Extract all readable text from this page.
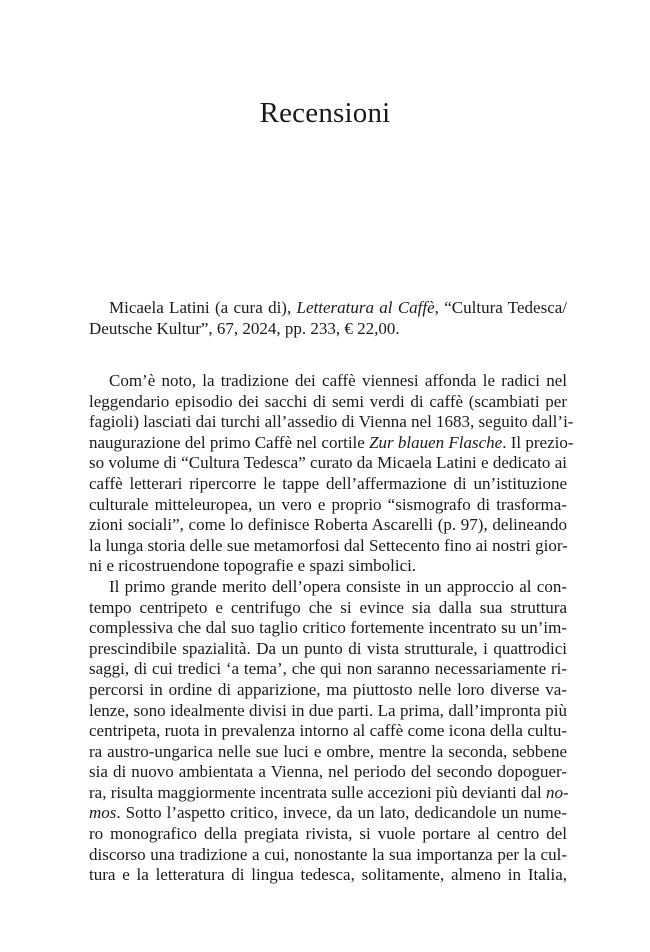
Recensioni
Micaela Latini (a cura di), Letteratura al Caffè, “Cultura Tedesca/
Deutsche Kultur”, 67, 2024, pp. 233, € 22,00.
Com’è noto, la tradizione dei caffè viennesi affonda le radici nel
leggendario episodio dei sacchi di semi verdi di caffè (scambiati per
fagioli) lasciati dai turchi all’assedio di Vienna nel 1683, seguito dall’i-
naugurazione del primo Caffè nel cortile Zur blauen Flasche. Il prezio-
so volume di “Cultura Tedesca” curato da Micaela Latini e dedicato ai
caffè letterari ripercorre le tappe dell’affermazione di un’istituzione
culturale mitteleuropea, un vero e proprio “sismografo di trasforma-
zioni sociali”, come lo definisce Roberta Ascarelli (p. 97), delineando
la lunga storia delle sue metamorfosi dal Settecento fino ai nostri gior-
ni e ricostruendone topografie e spazi simbolici.
Il primo grande merito dell’opera consiste in un approccio al con-
tempo centripeto e centrifugo che si evince sia dalla sua struttura
complessiva che dal suo taglio critico fortemente incentrato su un’im-
prescindibile spazialità. Da un punto di vista strutturale, i quattrodici
saggi, di cui tredici ‘a tema’, che qui non saranno necessariamente ri-
percorsi in ordine di apparizione, ma piuttosto nelle loro diverse va-
lenze, sono idealmente divisi in due parti. La prima, dall’impronta più
centripeta, ruota in prevalenza intorno al caffè come icona della cultu-
ra austro-ungarica nelle sue luci e ombre, mentre la seconda, sebbene
sia di nuovo ambientata a Vienna, nel periodo del secondo dopoguer-
ra, risulta maggiormente incentrata sulle accezioni più devianti dal no-
mos. Sotto l’aspetto critico, invece, da un lato, dedicandole un nume-
ro monografico della pregiata rivista, si vuole portare al centro del
discorso una tradizione a cui, nonostante la sua importanza per la cul-
tura e la letteratura di lingua tedesca, solitamente, almeno in Italia,
